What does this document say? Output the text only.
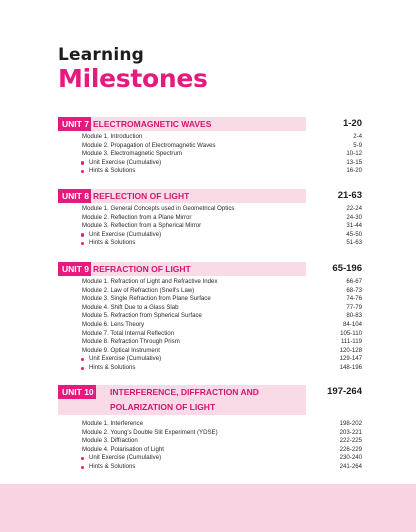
Learning
Milestones
UNIT 7 ELECTROMAGNETIC WAVES	1-20
Module 1. Introduction	2-4
Module 2. Propagation of Electromagnetic Waves	5-9
Module 3. Electromagnetic Spectrum	10-12
Unit Exercise (Cumulative)	13-15
Hints & Solutions	16-20
UNIT 8 REFLECTION OF LIGHT	21-63
Module 1. General Concepts used in Geometrical Optics	22-24
Module 2. Reflection from a Plane Mirror	24-30
Module 3. Reflection from a Spherical Mirror	31-44
Unit Exercise (Cumulative)	45-50
Hints & Solutions	51-63
UNIT 9 REFRACTION OF LIGHT	65-196
Module 1. Refraction of Light and Refractive Index	66-67
Module 2. Law of Refraction (Snell's Law)	68-73
Module 3. Single Refraction from Plane Surface	74-76
Module 4. Shift Due to a Glass Slab	77-79
Module 5. Refraction from Spherical Surface	80-83
Module 6. Lens Theory	84-104
Module 7. Total Internal Reflection	105-110
Module 8. Refraction Through Prism	111-119
Module 9. Optical Instrument	120-128
Unit Exercise (Cumulative)	129-147
Hints & Solutions	148-196
UNIT 10 INTERFERENCE, DIFFRACTION AND
POLARIZATION OF LIGHT
197-264
Module 1. Interference	198-202
Module 2. Young's Double Slit Experiment (YDSE)	203-221
Module 3. Diffraction	222-225
Module 4. Polarisation of Light	226-229
Unit Exercise (Cumulative)	230-240
Hints & Solutions	241-264
